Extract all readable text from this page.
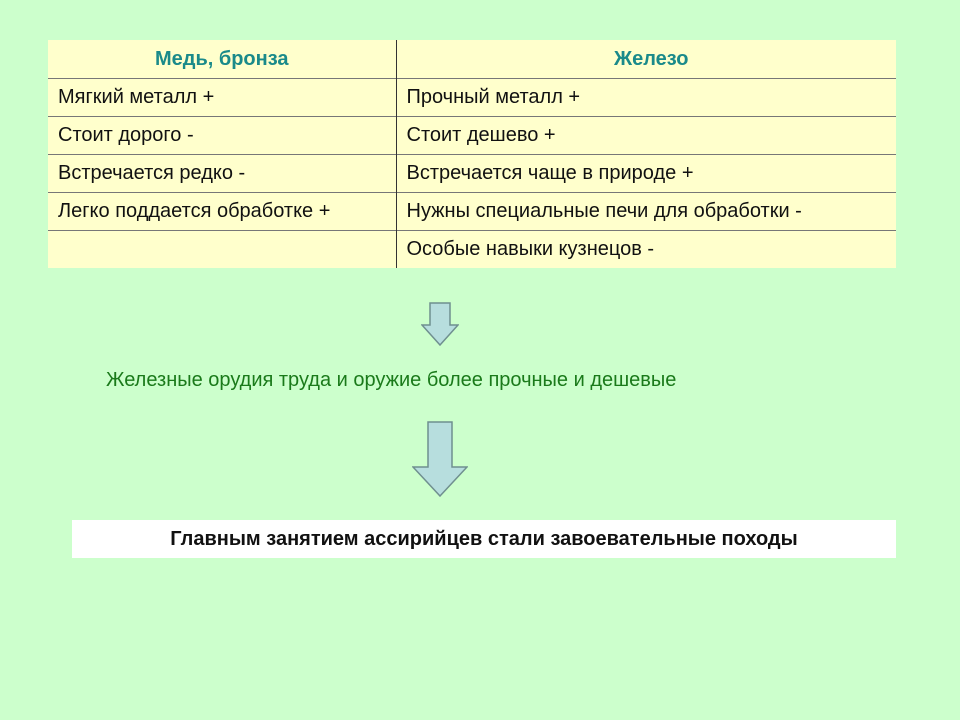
Медь, бронза	Железо
Мягкий металл +	Прочный металл +
Стоит дорого -	Стоит дешево +
Встречается редко -	Встречается чаще в природе +
Легко поддается обработке +	Нужны специальные печи для обработки -
	Особые навыки кузнецов -
Железные орудия труда и оружие более прочные и дешевые
Главным занятием ассирийцев стали завоевательные походы
